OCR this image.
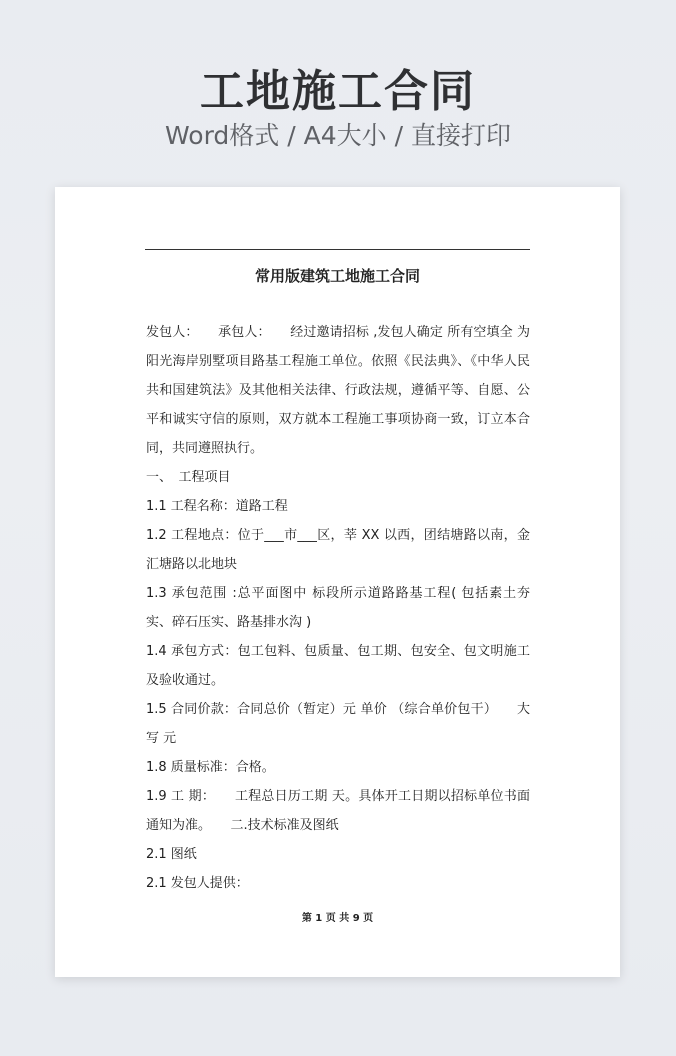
工地施工合同
Word格式 / A4大小 / 直接打印
常用版建筑工地施工合同

发包人：　　承包人：　　经过邀请招标 ,发包人确定 所有空填全 为阳光海岸别墅项目路基工程施工单位。依照《民法典》、《中华人民共和国建筑法》及其他相关法律、行政法规，遵循平等、自愿、公平和诚实守信的原则，双方就本工程施工事项协商一致，订立本合同，共同遵照执行。

一、　工程项目

1.1 工程名称：道路工程

1.2 工程地点：位于___市___区，莘 XX 以西，团结塘路以南，金汇塘路以北地块

1.3 承包范围 :总平面图中 标段所示道路路基工程( 包括素土夯实、碎石压实、路基排水沟 )

1.4 承包方式：包工包料、包质量、包工期、包安全、包文明施工及验收通过。

1.5 合同价款：合同总价（暂定）元 单价 （综合单价包干）　　大写 元

1.8 质量标准：合格。

1.9 工 期：　　工程总日历工期 天。具体开工日期以招标单位书面通知为准。　　二.技术标准及图纸

2.1 图纸

2.1 发包人提供：

第 1 页 共 9 页
